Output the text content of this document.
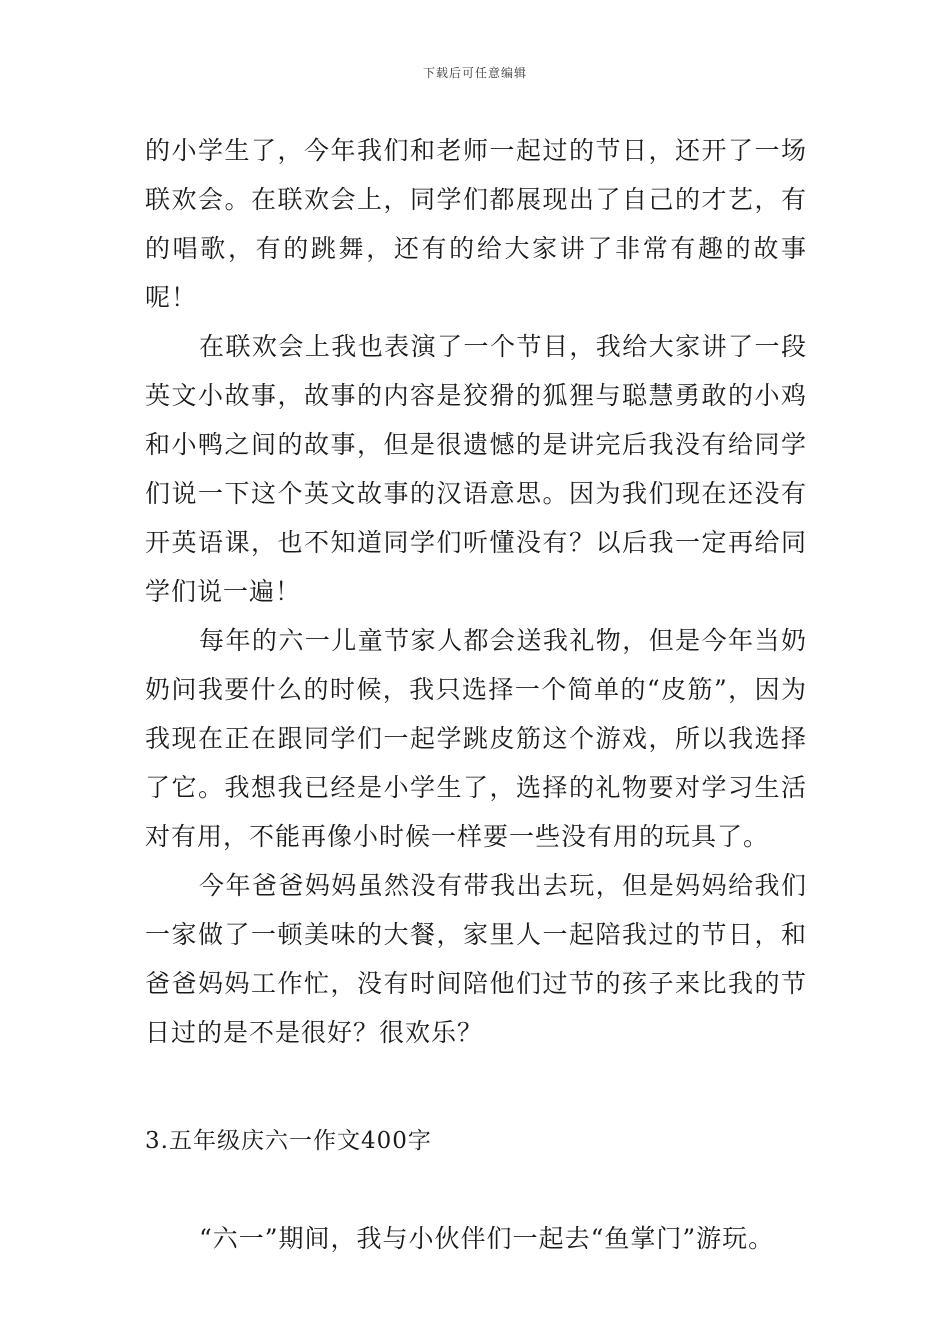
下载后可任意编辑

的小学生了，今年我们和老师一起过的节日，还开了一场联欢会。在联欢会上，同学们都展现出了自己的才艺，有的唱歌，有的跳舞，还有的给大家讲了非常有趣的故事呢！

在联欢会上我也表演了一个节目，我给大家讲了一段英文小故事，故事的内容是狡猾的狐狸与聪慧勇敢的小鸡和小鸭之间的故事，但是很遗憾的是讲完后我没有给同学们说一下这个英文故事的汉语意思。因为我们现在还没有开英语课，也不知道同学们听懂没有？以后我一定再给同学们说一遍！

每年的六一儿童节家人都会送我礼物，但是今年当奶奶问我要什么的时候，我只选择一个简单的“皮筋”，因为我现在正在跟同学们一起学跳皮筋这个游戏，所以我选择了它。我想我已经是小学生了，选择的礼物要对学习生活对有用，不能再像小时候一样要一些没有用的玩具了。

今年爸爸妈妈虽然没有带我出去玩，但是妈妈给我们一家做了一顿美味的大餐，家里人一起陪我过的节日，和爸爸妈妈工作忙，没有时间陪他们过节的孩子来比我的节日过的是不是很好？很欢乐？

3.五年级庆六一作文400字

“六一”期间，我与小伙伴们一起去“鱼掌门”游玩。
